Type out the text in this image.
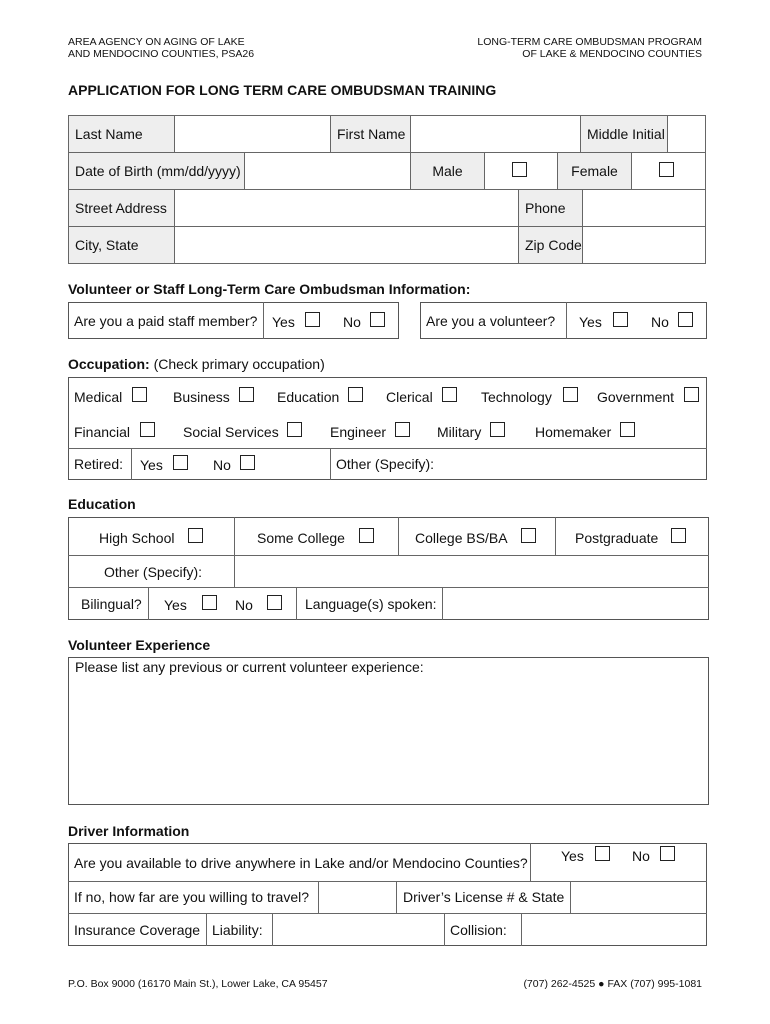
AREA AGENCY ON AGING OF LAKE
AND MENDOCINO COUNTIES, PSA26
LONG-TERM CARE OMBUDSMAN PROGRAM
OF LAKE & MENDOCINO COUNTIES
APPLICATION FOR LONG TERM CARE OMBUDSMAN TRAINING
Last Name	First Name	Middle Initial
Date of Birth (mm/dd/yyyy)	Male	Female
Street Address	Phone
City, State	Zip Code
Volunteer or Staff Long-Term Care Ombudsman Information:
Are you a paid staff member? Yes	No	Are you a volunteer? Yes	No
Occupation: (Check primary occupation)
Medical	Business	Education	Clerical	Technology	Government
Financial	Social Services	Engineer	Military	Homemaker
Retired: Yes	No	Other (Specify):
Education
High School	Some College	College BS/BA	Postgraduate
Other (Specify):
Bilingual? Yes	No	Language(s) spoken:
Volunteer Experience
Please list any previous or current volunteer experience:
Driver Information
Are you available to drive anywhere in Lake and/or Mendocino Counties? Yes	No
If no, how far are you willing to travel?	Driver’s License # & State
Insurance Coverage Liability:	Collision:
P.O. Box 9000 (16170 Main St.), Lower Lake, CA 95457	(707) 262-4525 ● FAX (707) 995-1081
